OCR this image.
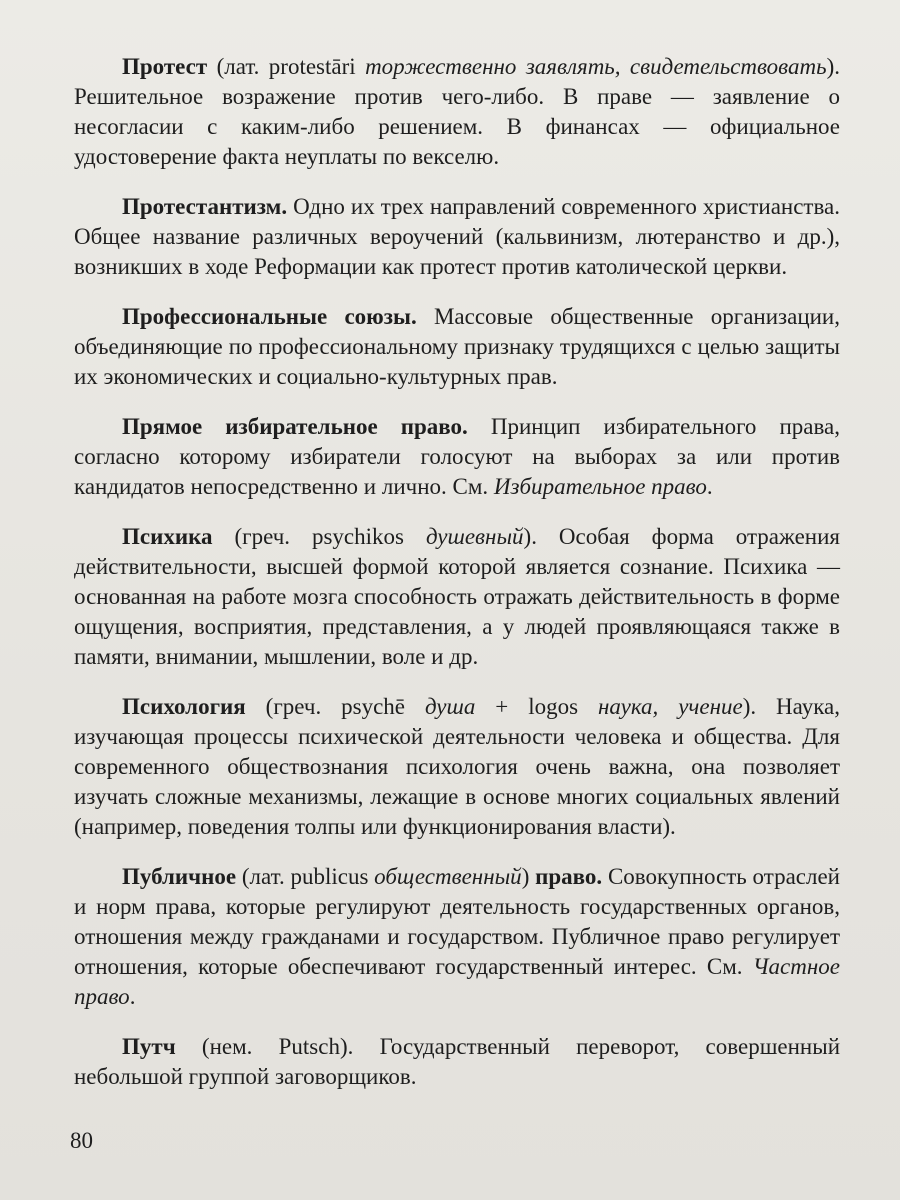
Протест (лат. protestāri торжественно заявлять, свидетельствовать). Решительное возражение против чего-либо. В праве — заявление о несогласии с каким-либо решением. В финансах — официальное удостоверение факта неуплаты по векселю.

Протестантизм. Одно их трех направлений современного христианства. Общее название различных вероучений (кальвинизм, лютеранство и др.), возникших в ходе Реформации как протест против католической церкви.

Профессиональные союзы. Массовые общественные организации, объединяющие по профессиональному признаку трудящихся с целью защиты их экономических и социально-культурных прав.

Прямое избирательное право. Принцип избирательного права, согласно которому избиратели голосуют на выборах за или против кандидатов непосредственно и лично. См. Избирательное право.

Психика (греч. psychikos душевный). Особая форма отражения действительности, высшей формой которой является сознание. Психика — основанная на работе мозга способность отражать действительность в форме ощущения, восприятия, представления, а у людей проявляющаяся также в памяти, внимании, мышлении, воле и др.

Психология (греч. psychē душа + logos наука, учение). Наука, изучающая процессы психической деятельности человека и общества. Для современного обществознания психология очень важна, она позволяет изучать сложные механизмы, лежащие в основе многих социальных явлений (например, поведения толпы или функционирования власти).

Публичное (лат. publicus общественный) право. Совокупность отраслей и норм права, которые регулируют деятельность государственных органов, отношения между гражданами и государством. Публичное право регулирует отношения, которые обеспечивают государственный интерес. См. Частное право.

Путч (нем. Putsch). Государственный переворот, совершенный небольшой группой заговорщиков.

80
